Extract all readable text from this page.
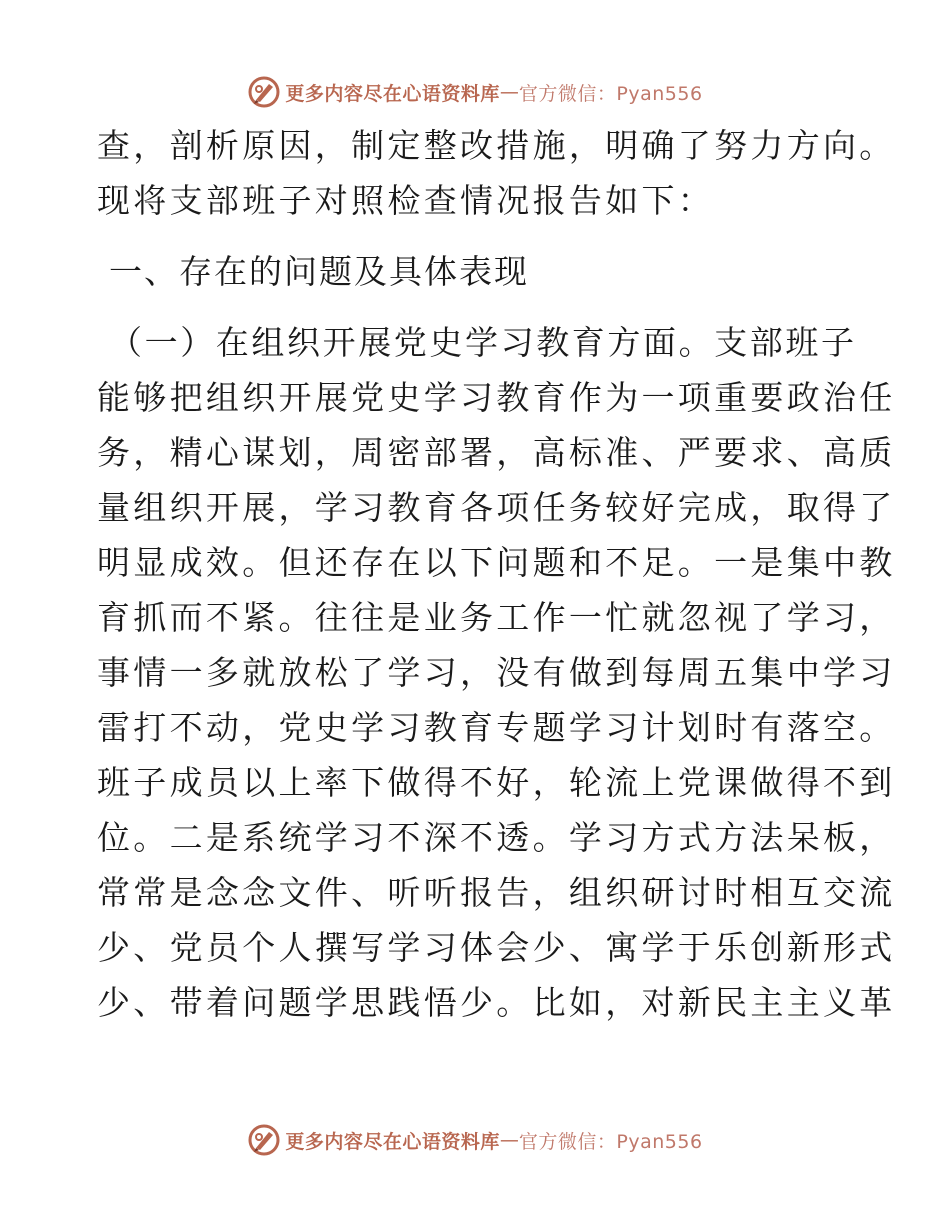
更多内容尽在心语资料库 — 官方微信：Pyan556
查，剖析原因，制定整改措施，明确了努力方向。
现将支部班子对照检查情况报告如下：
一、存在的问题及具体表现
（一）在组织开展党史学习教育方面。支部班子
能够把组织开展党史学习教育作为一项重要政治任
务，精心谋划，周密部署，高标准、严要求、高质
量组织开展，学习教育各项任务较好完成，取得了
明显成效。但还存在以下问题和不足。一是集中教
育抓而不紧。往往是业务工作一忙就忽视了学习，
事情一多就放松了学习，没有做到每周五集中学习
雷打不动，党史学习教育专题学习计划时有落空。
班子成员以上率下做得不好，轮流上党课做得不到
位。二是系统学习不深不透。学习方式方法呆板，
常常是念念文件、听听报告，组织研讨时相互交流
少、党员个人撰写学习体会少、寓学于乐创新形式
少、带着问题学思践悟少。比如，对新民主主义革
更多内容尽在心语资料库 — 官方微信：Pyan556
